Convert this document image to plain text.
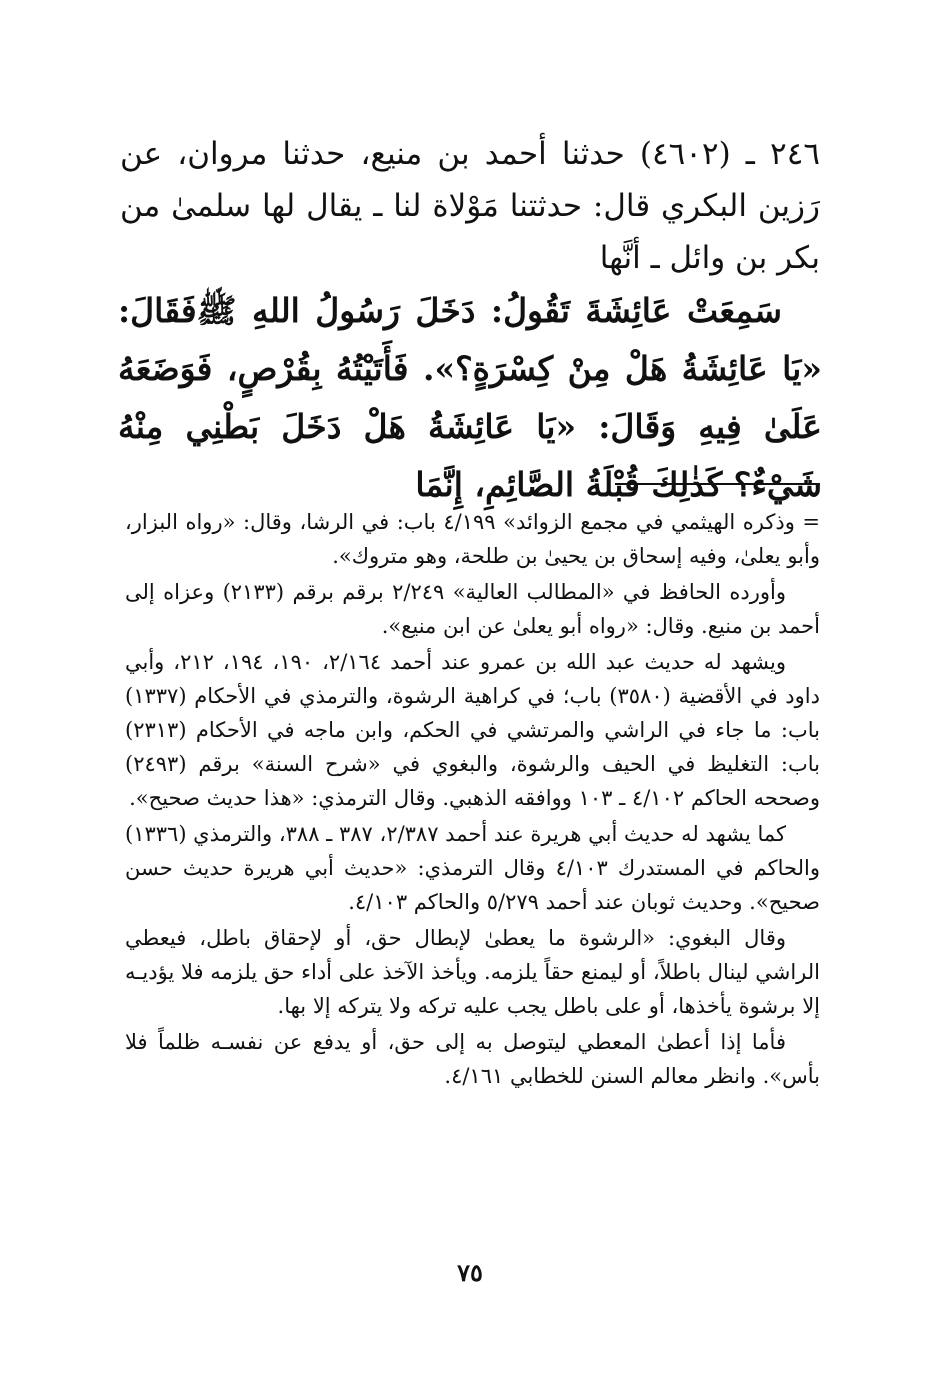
٢٤٦ ـ (٤٦٠٢) حدثنا أحمد بن منيع، حدثنا مروان، عن رَزين البكري قال: حدثتنا مَوْلاة لنا ـ يقال لها سلمىٰ من بكر بن وائل ـ أنَّها

سَمِعَتْ عَائِشَةَ تَقُولُ: دَخَلَ رَسُولُ اللهِ ﷺفَقَالَ: «يَا عَائِشَةُ هَلْ مِنْ كِسْرَةٍ؟». فَأَتَيْتُهُ بِقُرْصٍ، فَوَضَعَهُ عَلَىٰ فِيهِ وَقَالَ: «يَا عَائِشَةُ هَلْ دَخَلَ بَطْنِي مِنْهُ شَيْءٌ؟ كَذٰلِكَ قُبْلَةُ الصَّائِمِ، إِنَّمَا

= وذكره الهيثمي في مجمع الزوائد» ٤/١٩٩ باب: في الرشا، وقال: «رواه البزار، وأبو يعلىٰ، وفيه إسحاق بن يحيىٰ بن طلحة، وهو متروك».

وأورده الحافظ في «المطالب العالية» ٢/٢٤٩ برقم برقم (٢١٣٣) وعزاه إلى أحمد بن منيع. وقال: «رواه أبو يعلىٰ عن ابن منيع».

ويشهد له حديث عبد الله بن عمرو عند أحمد ٢/١٦٤، ١٩٠، ١٩٤، ٢١٢، وأبي داود في الأقضية (٣٥٨٠) باب؛ في كراهية الرشوة، والترمذي في الأحكام (١٣٣٧) باب: ما جاء في الراشي والمرتشي في الحكم، وابن ماجه في الأحكام (٢٣١٣) باب: التغليظ في الحيف والرشوة، والبغوي في «شرح السنة» برقم (٢٤٩٣) وصححه الحاكم ٤/١٠٢ ـ ١٠٣ ووافقه الذهبي. وقال الترمذي: «هذا حديث صحيح».

كما يشهد له حديث أبي هريرة عند أحمد ٢/٣٨٧، ٣٨٧ ـ ٣٨٨، والترمذي (١٣٣٦) والحاكم في المستدرك ٤/١٠٣ وقال الترمذي: «حديث أبي هريرة حديث حسن صحيح». وحديث ثوبان عند أحمد ٥/٢٧٩ والحاكم ٤/١٠٣.

وقال البغوي: «الرشوة ما يعطىٰ لإبطال حق، أو لإحقاق باطل، فيعطي الراشي لينال باطلاً، أو ليمنع حقاً يلزمه. ويأخذ الآخذ على أداء حق يلزمه فلا يؤديـه إلا برشوة يأخذها، أو على باطل يجب عليه تركه ولا يتركه إلا بها.

فأما إذا أعطىٰ المعطي ليتوصل به إلى حق، أو يدفع عن نفسـه ظلماً فلا بأس». وانظر معالم السنن للخطابي ٤/١٦١.

٧٥
